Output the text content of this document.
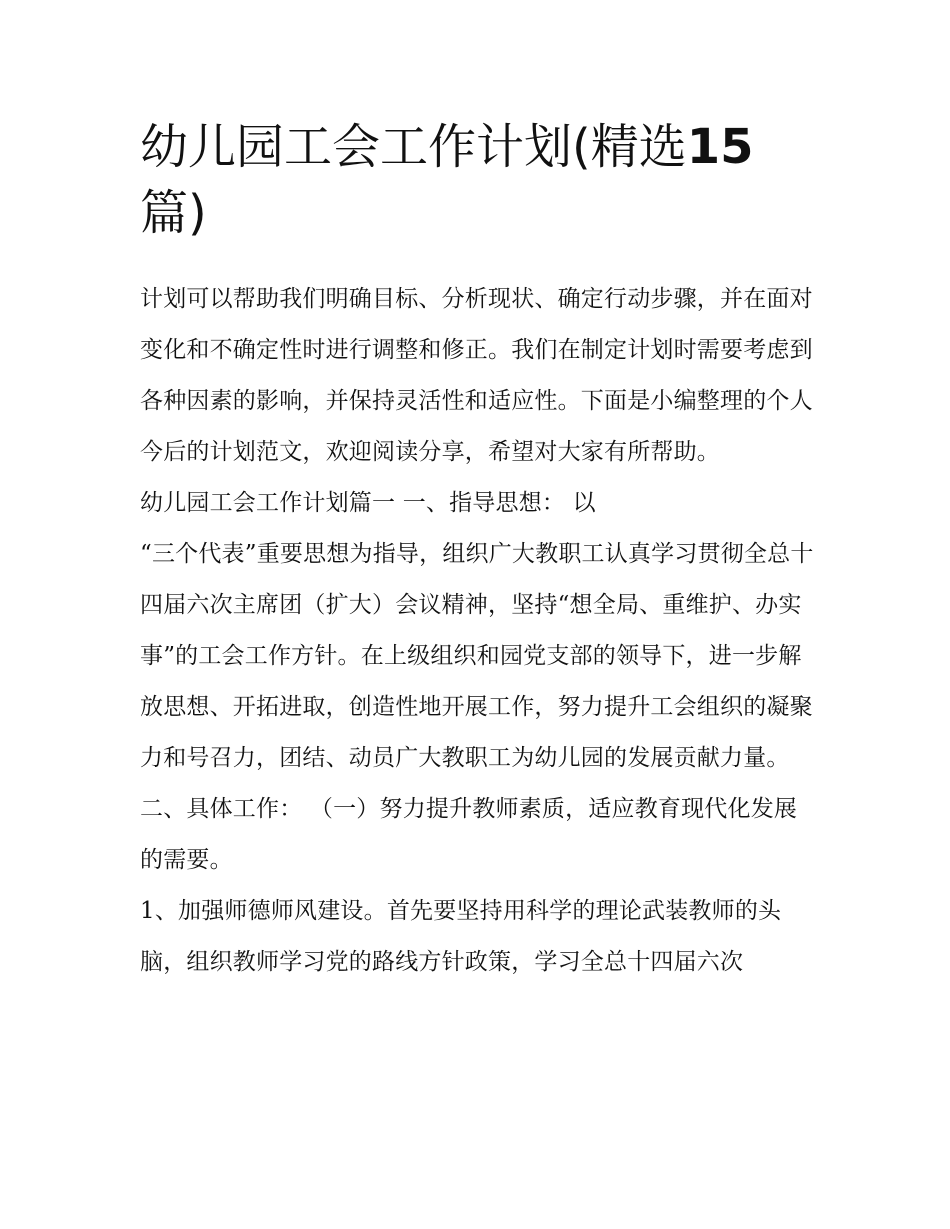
幼儿园工会工作计划(精选15
篇)

计划可以帮助我们明确目标、分析现状、确定行动步骤，并在面对变化和不确定性时进行调整和修正。我们在制定计划时需要考虑到各种因素的影响，并保持灵活性和适应性。下面是小编整理的个人今后的计划范文，欢迎阅读分享，希望对大家有所帮助。

幼儿园工会工作计划篇一 一、指导思想： 以

“三个代表”重要思想为指导，组织广大教职工认真学习贯彻全总十四届六次主席团（扩大）会议精神，坚持“想全局、重维护、办实事”的工会工作方针。在上级组织和园党支部的领导下，进一步解放思想、开拓进取，创造性地开展工作，努力提升工会组织的凝聚力和号召力，团结、动员广大教职工为幼儿园的发展贡献力量。

二、具体工作： （一）努力提升教师素质，适应教育现代化发展的需要。

1、加强师德师风建设。首先要坚持用科学的理论武装教师的头脑，组织教师学习党的路线方针政策，学习全总十四届六次
